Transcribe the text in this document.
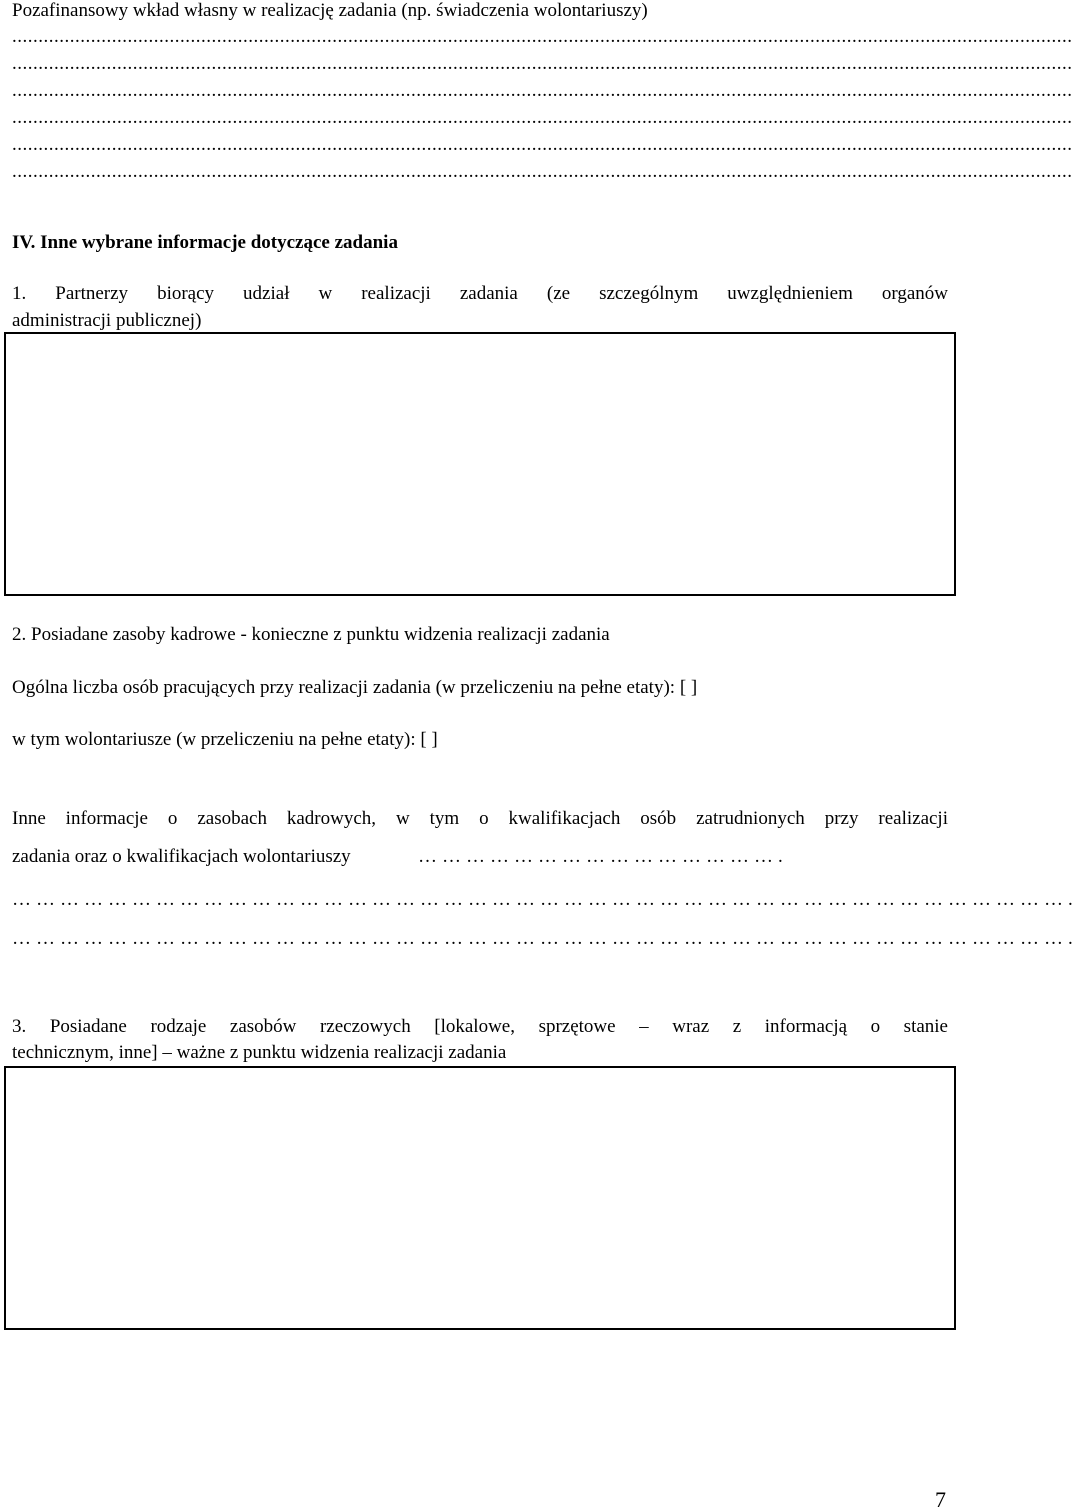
Pozafinansowy wkład własny w realizację zadania (np. świadczenia wolontariuszy)
..........................................................................................................................................................................................................
..........................................................................................................................................................................................................
..........................................................................................................................................................................................................
..........................................................................................................................................................................................................
..........................................................................................................................................................................................................
..........................................................................................................................................................................................................
IV. Inne wybrane informacje dotyczące zadania
1. Partnerzy biorący udział w realizacji zadania (ze szczególnym uwzględnieniem organów
administracji publicznej)
2. Posiadane zasoby kadrowe - konieczne z punktu widzenia realizacji zadania
Ogólna liczba osób pracujących przy realizacji zadania (w przeliczeniu na pełne etaty): [ ]
w tym wolontariusze (w przeliczeniu na pełne etaty): [ ]
Inne informacje o zasobach kadrowych, w tym o kwalifikacjach osób zatrudnionych przy realizacji
zadania oraz o kwalifikacjach wolontariuszy	……………………………………….
…………………………………………………………………………………………………………………….
…………………………………………………………………………………………………………………….
3. Posiadane rodzaje zasobów rzeczowych [lokalowe, sprzętowe – wraz z informacją o stanie
technicznym, inne] – ważne z punktu widzenia realizacji zadania
7
